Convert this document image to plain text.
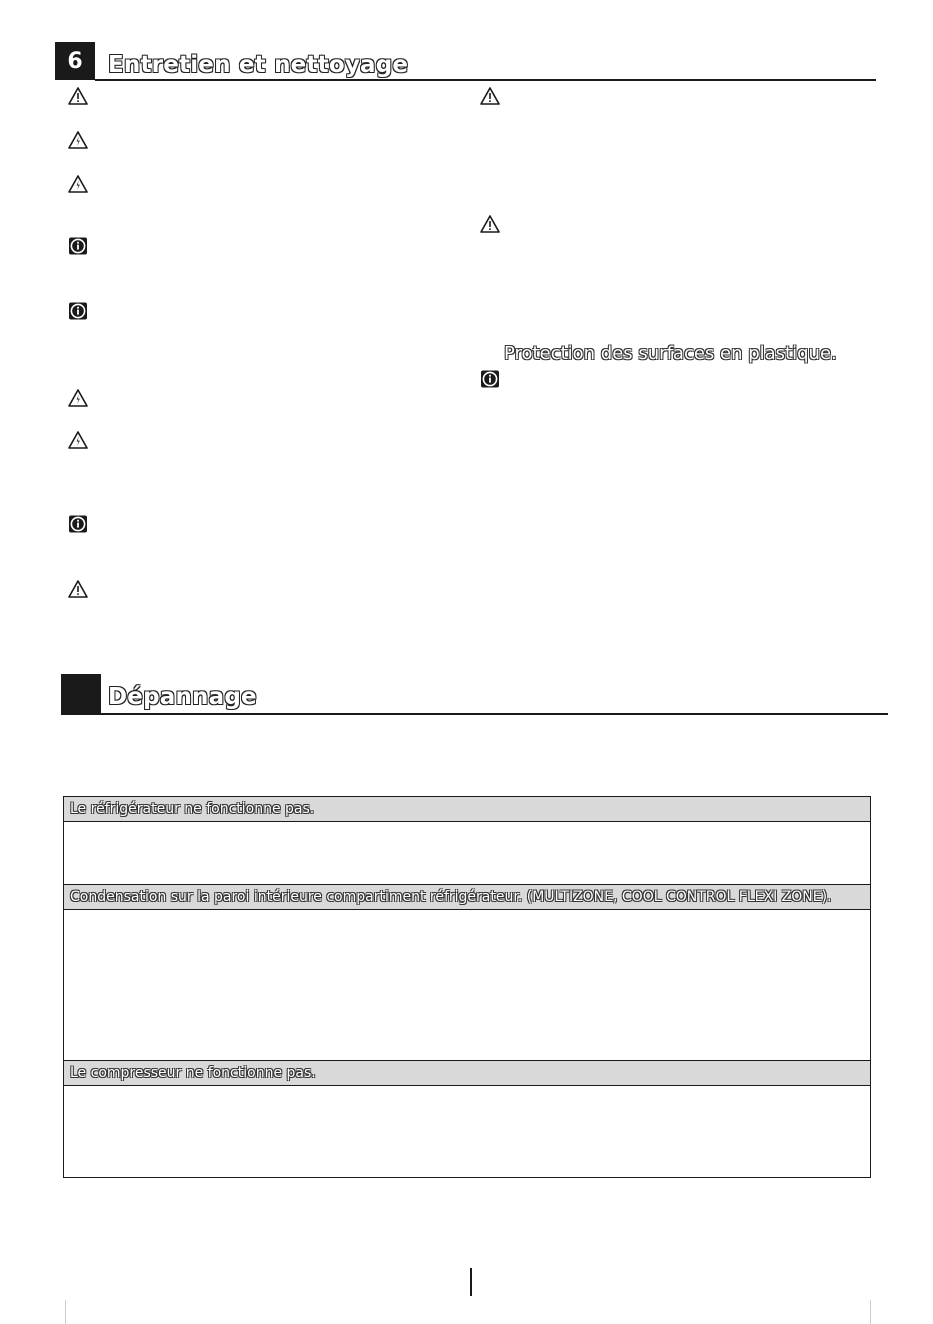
6 Entretien et nettoyage
Protection des surfaces en plastique.
Dépannage
Le réfrigérateur ne fonctionne pas.
Condensation sur la paroi intérieure compartiment réfrigérateur. (MULTIZONE, COOL CONTROL FLEXI ZONE).
Le compresseur ne fonctionne pas.
